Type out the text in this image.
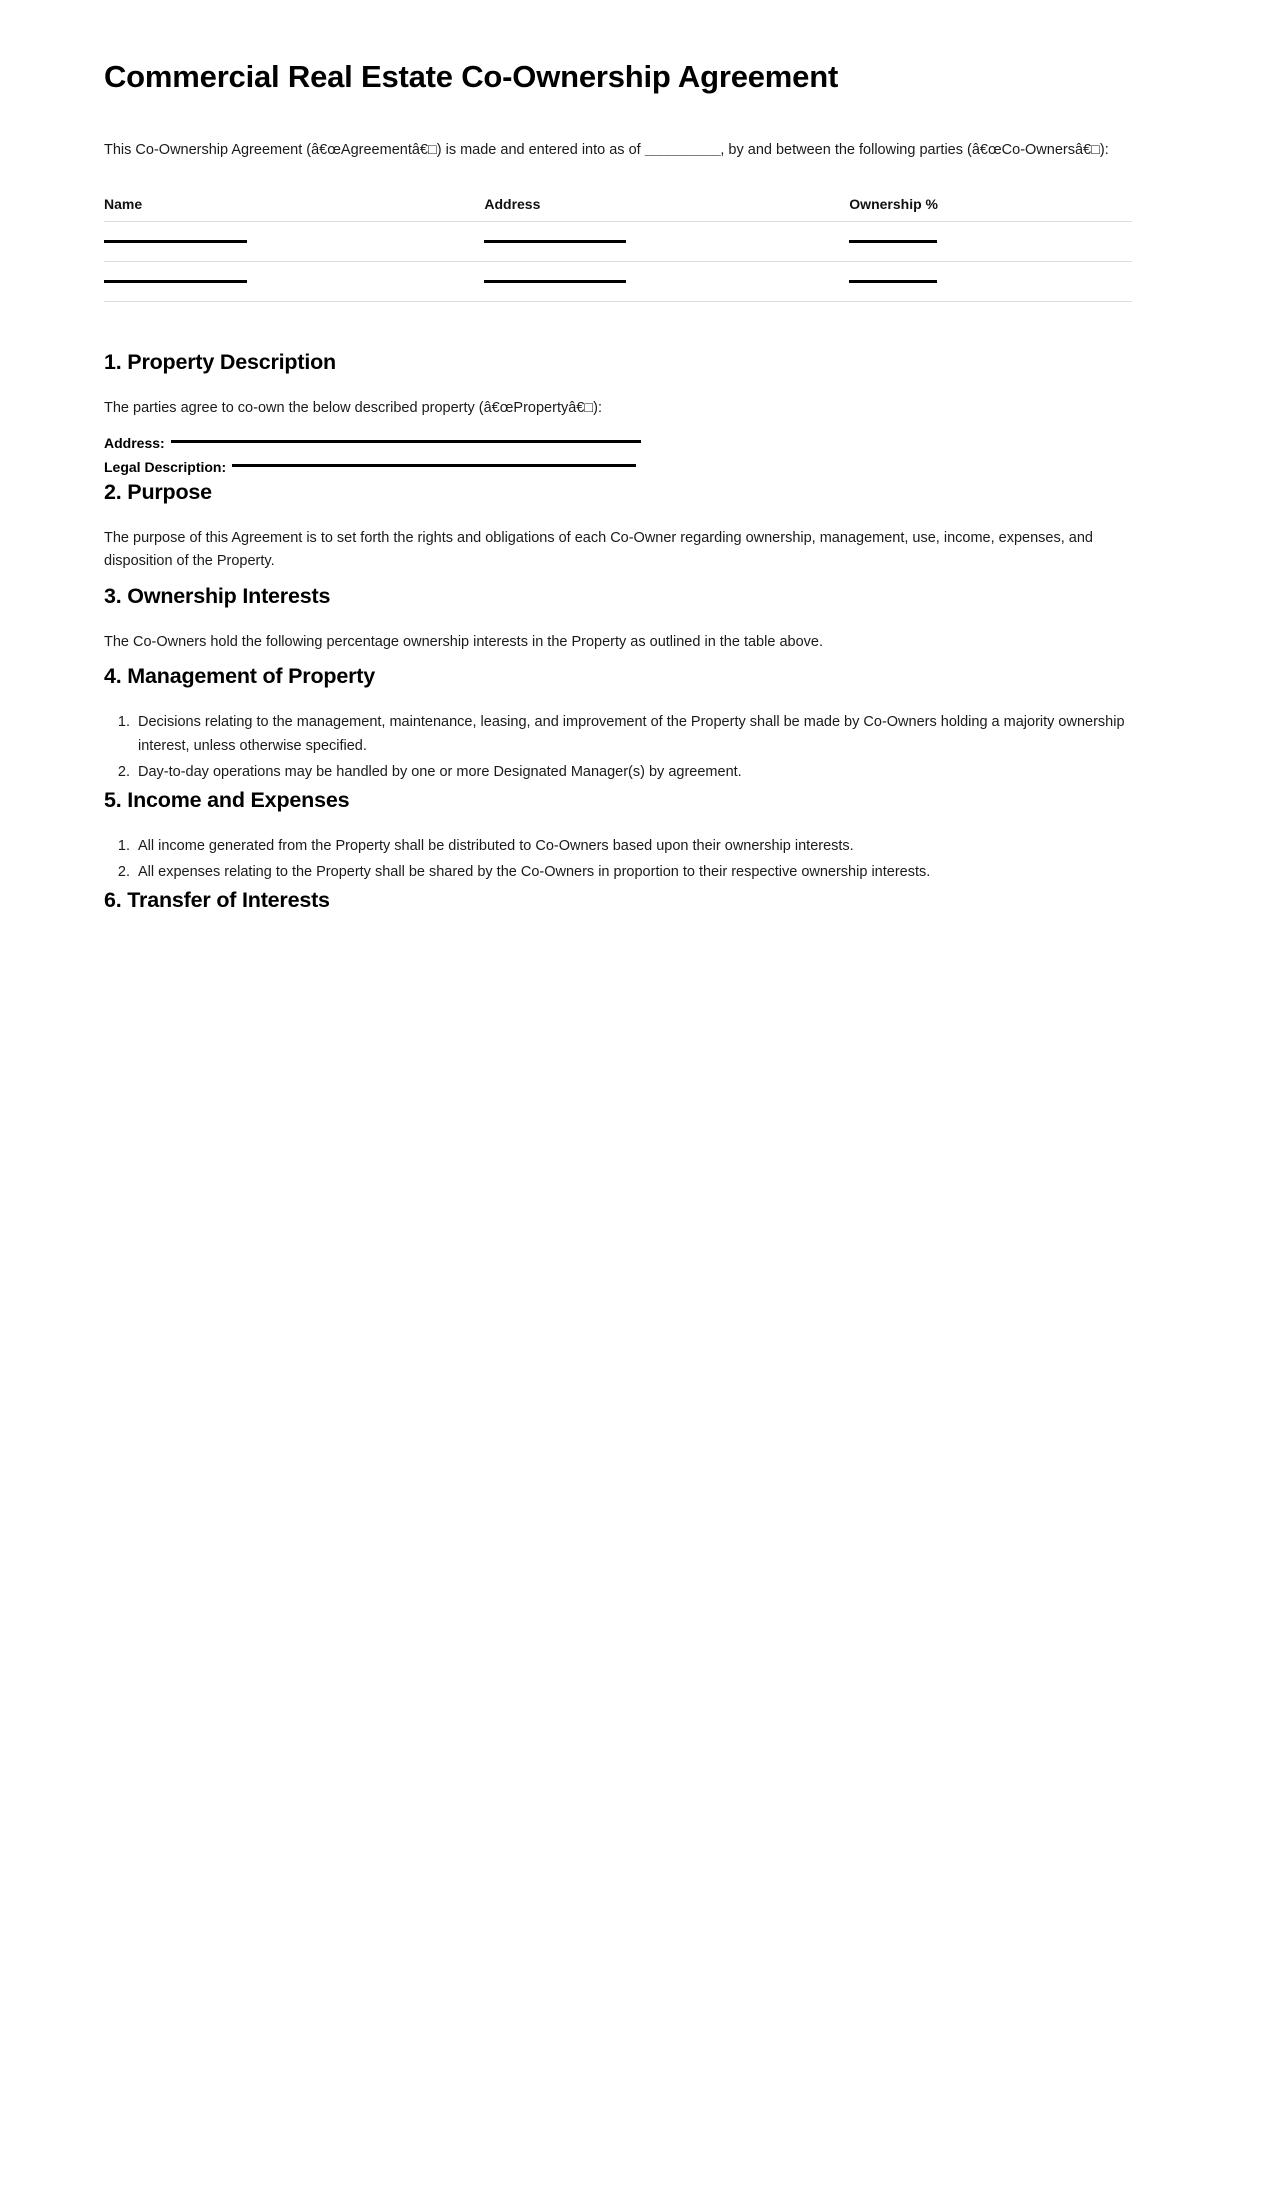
Commercial Real Estate Co-Ownership Agreement

This Co-Ownership Agreement (â€œAgreementâ€□) is made and entered into as of __________, by and between the following parties (â€œCo-Ownersâ€□):

Name	Address	Ownership %

1. Property Description

The parties agree to co-own the below described property (â€œPropertyâ€□):

Address:

Legal Description:

2. Purpose

The purpose of this Agreement is to set forth the rights and obligations of each Co-Owner regarding ownership, management, use, income, expenses, and disposition of the Property.

3. Ownership Interests

The Co-Owners hold the following percentage ownership interests in the Property as outlined in the table above.

4. Management of Property
1. Decisions relating to the management, maintenance, leasing, and improvement of the Property shall be made by Co-Owners holding a majority ownership interest, unless otherwise specified.
2. Day-to-day operations may be handled by one or more Designated Manager(s) by agreement.
5. Income and Expenses
1. All income generated from the Property shall be distributed to Co-Owners based upon their ownership interests.
2. All expenses relating to the Property shall be shared by the Co-Owners in proportion to their respective ownership interests.
6. Transfer of Interests
